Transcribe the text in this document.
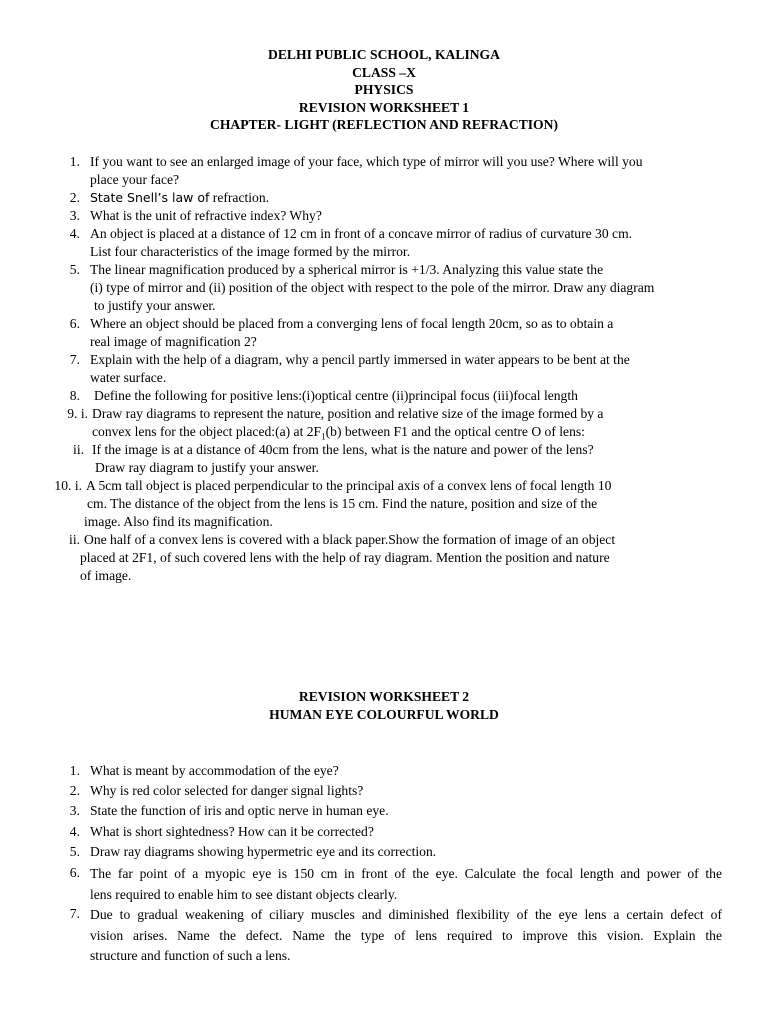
DELHI PUBLIC SCHOOL, KALINGA
CLASS –X
PHYSICS
REVISION WORKSHEET 1
CHAPTER- LIGHT (REFLECTION AND REFRACTION)
1. If you want to see an enlarged image of your face, which type of mirror will you use? Where will you
place your face?
2. State Snell’s law of refraction.
3. What is the unit of refractive index? Why?
4. An object is placed at a distance of 12 cm in front of a concave mirror of radius of curvature 30 cm.
List four characteristics of the image formed by the mirror.
5. The linear magnification produced by a spherical mirror is +1/3. Analyzing this value state the
(i) type of mirror and (ii) position of the object with respect to the pole of the mirror. Draw any diagram
to justify your answer.
6. Where an object should be placed from a converging lens of focal length 20cm, so as to obtain a
real image of magnification 2?
7. Explain with the help of a diagram, why a pencil partly immersed in water appears to be bent at the
water surface.
8. Define the following for positive lens:(i)optical centre (ii)principal focus (iii)focal length
9. i. Draw ray diagrams to represent the nature, position and relative size of the image formed by a
convex lens for the object placed:(a) at $2F_1(b)$ between F1 and the optical centre O of lens:
ii. If the image is at a distance of 40cm from the lens, what is the nature and power of the lens?
Draw ray diagram to justify your answer.
10. i. A 5cm tall object is placed perpendicular to the principal axis of a convex lens of focal length 10
cm. The distance of the object from the lens is 15 cm. Find the nature, position and size of the
image. Also find its magnification.
ii. One half of a convex lens is covered with a black paper.Show the formation of image of an object
placed at 2F1, of such covered lens with the help of ray diagram. Mention the position and nature
of image.
REVISION WORKSHEET 2
HUMAN EYE COLOURFUL WORLD
1. What is meant by accommodation of the eye?
2. Why is red color selected for danger signal lights?
3. State the function of iris and optic nerve in human eye.
4. What is short sightedness? How can it be corrected?
5. Draw ray diagrams showing hypermetric eye and its correction.
6. The far point of a myopic eye is 150 cm in front of the eye. Calculate the focal length and power of the
lens required to enable him to see distant objects clearly.
7. Due to gradual weakening of ciliary muscles and diminished flexibility of the eye lens a certain defect of
vision arises. Name the defect. Name the type of lens required to improve this vision. Explain the
structure and function of such a lens.
